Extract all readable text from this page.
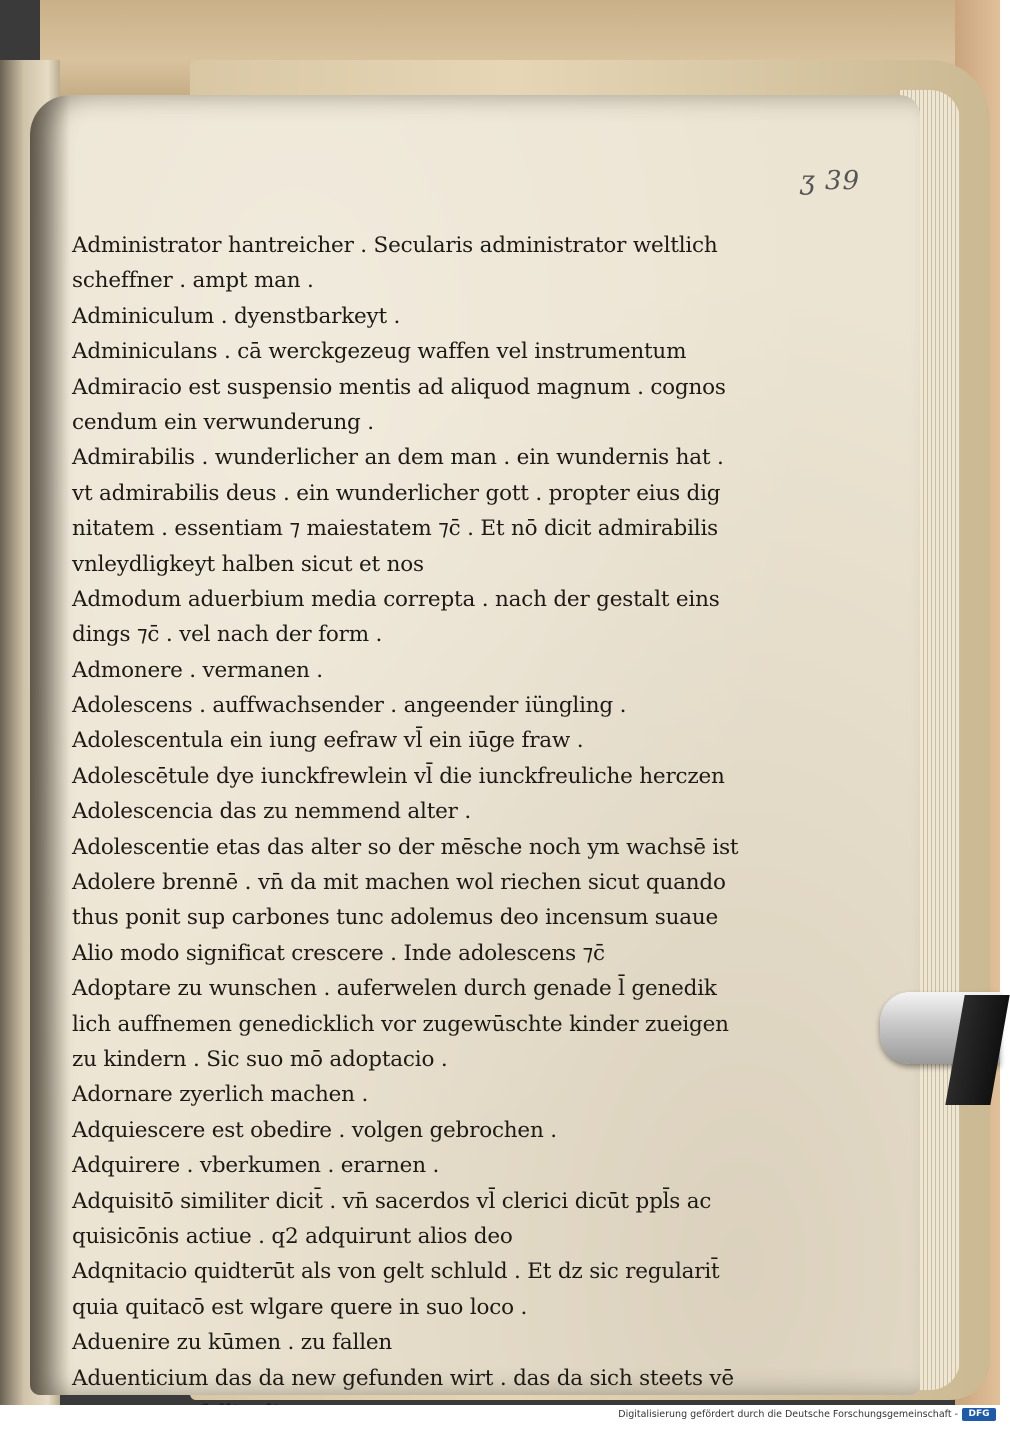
ʒ 39
Administrator hantreicher . Secularis administrator weltlich
scheffner . ampt man .
Adminiculum . dyenstbarkeyt .
Adminiculans . cā werckgezeug waffen vel instrumentum
Admiracio est suspensio mentis ad aliquod magnum . cognos
cendum ein verwunderung .
Admirabilis . wunderlicher an dem man . ein wundernis hat .
vt admirabilis deus . ein wunderlicher gott . propter eius dig
nitatem . essentiam ⁊ maiestatem ⁊c̄ . Et nō dicit admirabilis
vnleydligkeyt halben sicut et nos
Admodum aduerbium media correpta . nach der gestalt eins
dings ⁊c̄ . vel nach der form .
Admonere . vermanen .
Adolescens . auffwachsender . angeender iüngling .
Adolescentula ein iung eefraw vl̄ ein iūge fraw .
Adolescētule dye iunckfrewlein vl̄ die iunckfreuliche herczen
Adolescencia das zu nemmend alter .
Adolescentie etas das alter so der mēsche noch ym wachsē ist
Adolere brennē . vn̄ da mit machen wol riechen sicut quando
thus ponit sup carbones tunc adolemus deo incensum suaue
Alio modo significat crescere . Inde adolescens ⁊c̄
Adoptare zu wunschen . auferwelen durch genade l̄ genedik
lich auffnemen genedicklich vor zugewūschte kinder zueigen
zu kindern . Sic suo mō adoptacio .
Adornare zyerlich machen .
Adquiescere est obedire . volgen gebrochen .
Adquirere . vberkumen . erarnen .
Adquisitō similiter dicit̄ . vn̄ sacerdos vl̄ clerici dicūt ppl̄s ac
quisicōnis actiue . q2 adquirunt alios deo
Adqnitacio quidterūt als von gelt schluld . Et dz sic regularit̄
quia quitacō est wlgare quere in suo loco .
Aduenire zu kūmen . zu fallen
Aduenticium das da new gefunden wirt . das da sich steets vē
Digitalisierung gefördert durch die Deutsche Forschungsgemeinschaft -	DFG
